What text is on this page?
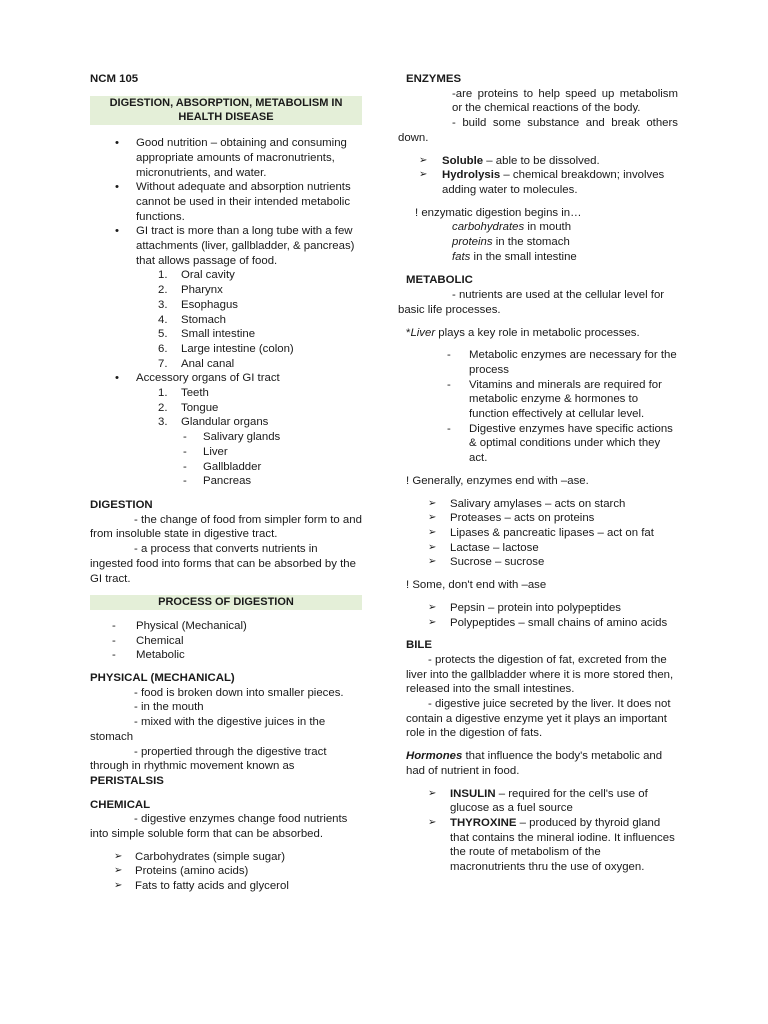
NCM 105

DIGESTION, ABSORPTION, METABOLISM IN HEALTH DISEASE

• Good nutrition – obtaining and consuming appropriate amounts of macronutrients, micronutrients, and water.

• Without adequate and absorption nutrients cannot be used in their intended metabolic functions.

• GI tract is more than a long tube with a few attachments (liver, gallbladder, & pancreas) that allows passage of food.

1. Oral cavity

2. Pharynx

3. Esophagus

4. Stomach

5. Small intestine

6. Large intestine (colon)

7. Anal canal

• Accessory organs of GI tract

1. Teeth

2. Tongue

3. Glandular organs

- Salivary glands

- Liver

- Gallbladder

- Pancreas

DIGESTION

- the change of food from simpler form to and from insoluble state in digestive tract.

- a process that converts nutrients in ingested food into forms that can be absorbed by the GI tract.

PROCESS OF DIGESTION

- Physical (Mechanical)

- Chemical

- Metabolic

PHYSICAL (MECHANICAL)

- food is broken down into smaller pieces.

- in the mouth

- mixed with the digestive juices in the stomach

- propertied through the digestive tract through in rhythmic movement known as PERISTALSIS

CHEMICAL

- digestive enzymes change food nutrients into simple soluble form that can be absorbed.

➢ Carbohydrates (simple sugar)

➢ Proteins (amino acids)

➢ Fats to fatty acids and glycerol

ENZYMES

-are proteins to help speed up metabolism or the chemical reactions of the body.

- build some substance and break others down.

➢ Soluble – able to be dissolved.

➢ Hydrolysis – chemical breakdown; involves adding water to molecules.

! enzymatic digestion begins in…

carbohydrates in mouth

proteins in the stomach

fats in the small intestine

METABOLIC

- nutrients are used at the cellular level for basic life processes.

*Liver plays a key role in metabolic processes.

- Metabolic enzymes are necessary for the process

- Vitamins and minerals are required for metabolic enzyme & hormones to function effectively at cellular level.

- Digestive enzymes have specific actions & optimal conditions under which they act.

! Generally, enzymes end with –ase.

➢ Salivary amylases – acts on starch

➢ Proteases – acts on proteins

➢ Lipases & pancreatic lipases – act on fat

➢ Lactase – lactose

➢ Sucrose – sucrose

! Some, don't end with –ase

➢ Pepsin – protein into polypeptides

➢ Polypeptides – small chains of amino acids

BILE

- protects the digestion of fat, excreted from the liver into the gallbladder where it is more stored then, released into the small intestines.

- digestive juice secreted by the liver. It does not contain a digestive enzyme yet it plays an important role in the digestion of fats.

Hormones that influence the body's metabolic and had of nutrient in food.

➢ INSULIN – required for the cell's use of glucose as a fuel source

➢ THYROXINE – produced by thyroid gland that contains the mineral iodine. It influences the route of metabolism of the macronutrients thru the use of oxygen.
